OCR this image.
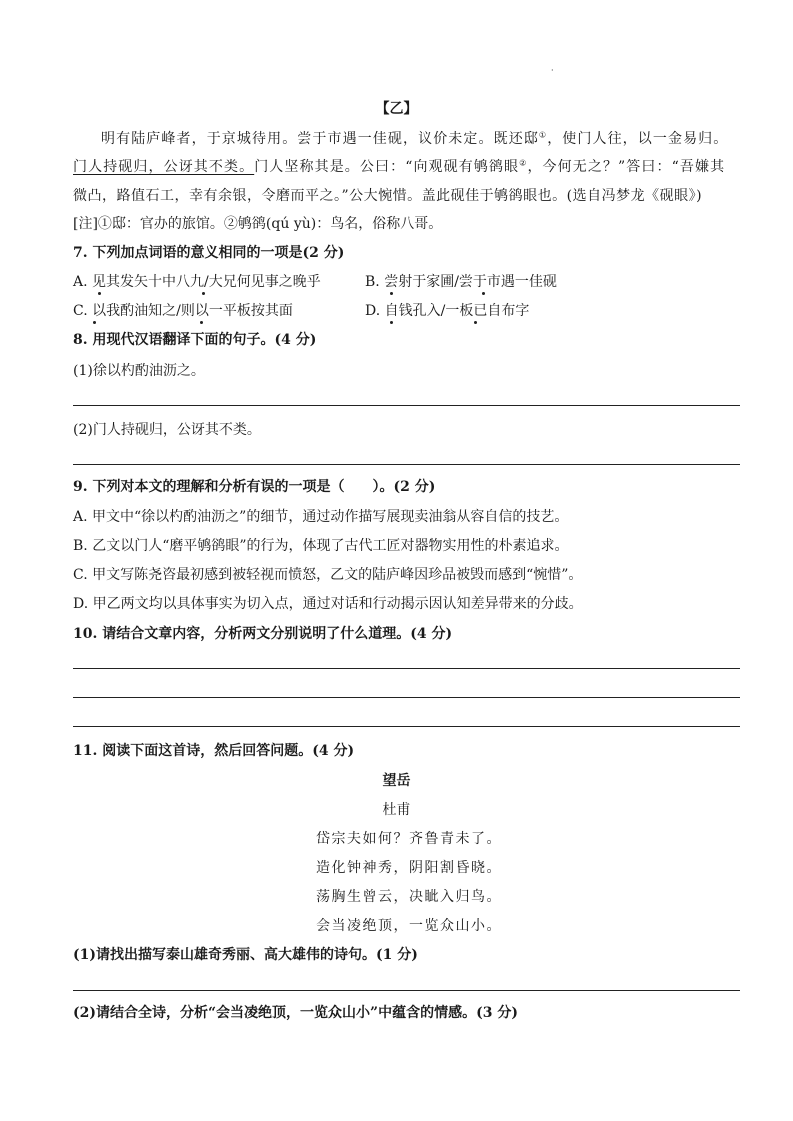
·
【乙】
明有陆庐峰者，于京城待用。尝于市遇一佳砚，议价未定。既还邸①，使门人往，以一金易归。
门人持砚归，公讶其不类。门人坚称其是。公曰：“向观砚有鸲鹆眼②，今何无之？”答曰：“吾嫌其
微凸，路值石工，幸有余银，令磨而平之。”公大惋惜。盖此砚佳于鸲鹆眼也。(选自冯梦龙《砚眼》)
[注]①邸：官办的旅馆。②鸲鹆(qú yù)：鸟名，俗称八哥。
7. 下列加点词语的意义相同的一项是(2 分)
A. 见其发矢十中八九/大兄何见事之晚乎	B. 尝射于家圃/尝于市遇一佳砚
C. 以我酌油知之/则以一平板按其面	D. 自钱孔入/一板已自布字
8. 用现代汉语翻译下面的句子。(4 分)
(1)徐以杓酌油沥之。
(2)门人持砚归，公讶其不类。
9. 下列对本文的理解和分析有误的一项是（　　）。(2 分)
A. 甲文中“徐以杓酌油沥之”的细节，通过动作描写展现卖油翁从容自信的技艺。
B. 乙文以门人“磨平鸲鹆眼”的行为，体现了古代工匠对器物实用性的朴素追求。
C. 甲文写陈尧咨最初感到被轻视而愤怒，乙文的陆庐峰因珍品被毁而感到“惋惜”。
D. 甲乙两文均以具体事实为切入点，通过对话和行动揭示因认知差异带来的分歧。
10. 请结合文章内容，分析两文分别说明了什么道理。(4 分)
11. 阅读下面这首诗，然后回答问题。(4 分)
望岳
杜甫
岱宗夫如何？齐鲁青未了。
造化钟神秀，阴阳割昏晓。
荡胸生曾云，决眦入归鸟。
会当凌绝顶，一览众山小。
(1)请找出描写泰山雄奇秀丽、高大雄伟的诗句。(1 分)
(2)请结合全诗，分析“会当凌绝顶，一览众山小”中蕴含的情感。(3 分)
